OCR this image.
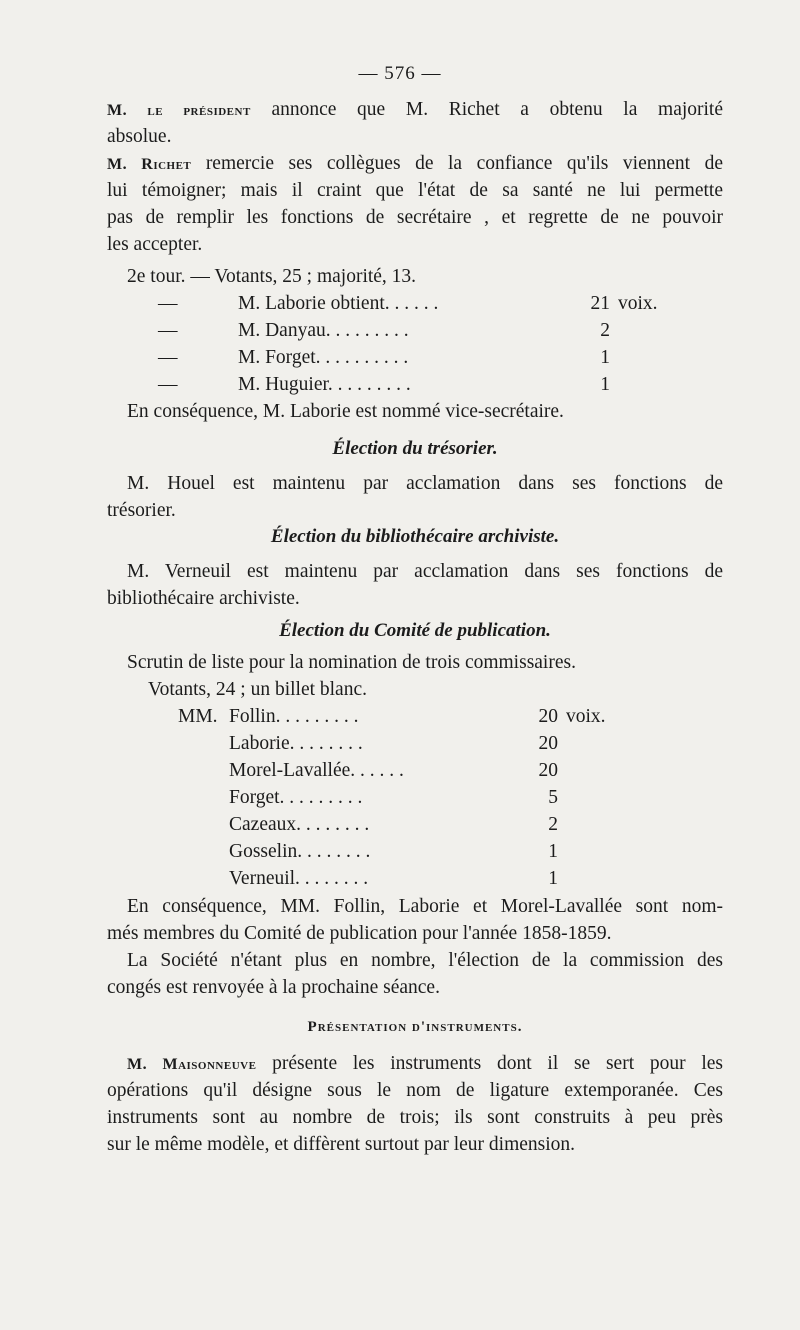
— 576 —
M. le président annonce que M. Richet a obtenu la majorité
absolue.
M. Richet remercie ses collègues de la confiance qu'ils viennent de
lui témoigner; mais il craint que l'état de sa santé ne lui permette
pas de remplir les fonctions de secrétaire , et regrette de ne pouvoir
les accepter.
2e tour. — Votants, 25 ; majorité, 13.
—	M. Laborie obtient. . . . . .	21 voix.
—	M. Danyau. . . . . . . . .	2
—	M. Forget. . . . . . . . . .	1
—	M. Huguier. . . . . . . . .	1
En conséquence, M. Laborie est nommé vice-secrétaire.
Élection du trésorier.
M. Houel est maintenu par acclamation dans ses fonctions de
trésorier.
Élection du bibliothécaire archiviste.
M. Verneuil est maintenu par acclamation dans ses fonctions de
bibliothécaire archiviste.
Élection du Comité de publication.
Scrutin de liste pour la nomination de trois commissaires.
Votants, 24 ; un billet blanc.
MM. Follin. . . . . . . . .	20 voix.
Laborie. . . . . . . .	20
Morel-Lavallée. . . . . .	20
Forget. . . . . . . . .	5
Cazeaux. . . . . . . .	2
Gosselin. . . . . . . .	1
Verneuil. . . . . . . .	1
En conséquence, MM. Follin, Laborie et Morel-Lavallée sont nom-
més membres du Comité de publication pour l'année 1858-1859.
La Société n'étant plus en nombre, l'élection de la commission des
congés est renvoyée à la prochaine séance.
Présentation d'instruments.
M. Maisonneuve présente les instruments dont il se sert pour les
opérations qu'il désigne sous le nom de ligature extemporanée. Ces
instruments sont au nombre de trois; ils sont construits à peu près
sur le même modèle, et diffèrent surtout par leur dimension.
